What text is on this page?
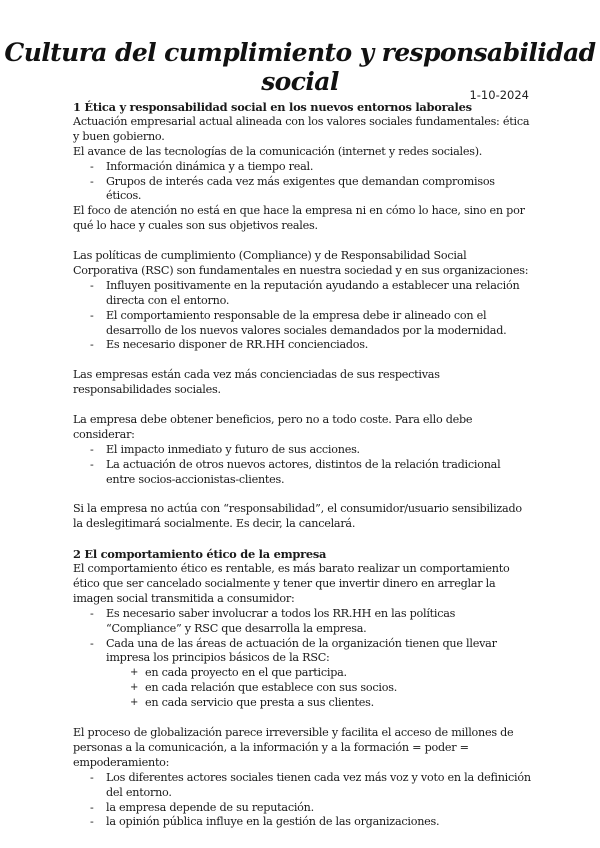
Cultura del cumplimiento y responsabilidad social	1-10-2024

1 Ética y responsabilidad social en los nuevos entornos laborales

Actuación empresarial actual alineada con los valores sociales fundamentales: ética y buen gobierno.

El avance de las tecnologías de la comunicación (internet y redes sociales).

- Información dinámica y a tiempo real.
- Grupos de interés cada vez más exigentes que demandan compromisos éticos.

El foco de atención no está en que hace la empresa ni en cómo lo hace, sino en por qué lo hace y cuales son sus objetivos reales.

Las políticas de cumplimiento (Compliance) y de Responsabilidad Social Corporativa (RSC) son fundamentales en nuestra sociedad y en sus organizaciones:

- Influyen positivamente en la reputación ayudando a establecer una relación directa con el entorno.
- El comportamiento responsable de la empresa debe ir alineado con el desarrollo de los nuevos valores sociales demandados por la modernidad.
- Es necesario disponer de RR.HH concienciados.

Las empresas están cada vez más concienciadas de sus respectivas responsabilidades sociales.

La empresa debe obtener beneficios, pero no a todo coste. Para ello debe considerar:

- El impacto inmediato y futuro de sus acciones.
- La actuación de otros nuevos actores, distintos de la relación tradicional entre socios-accionistas-clientes.

Si la empresa no actúa con “responsabilidad”, el consumidor/usuario sensibilizado la deslegitimará socialmente. Es decir, la cancelará.

2 El comportamiento ético de la empresa

El comportamiento ético es rentable, es más barato realizar un comportamiento ético que ser cancelado socialmente y tener que invertir dinero en arreglar la imagen social transmitida a consumidor:

- Es necesario saber involucrar a todos los RR.HH en las políticas “Compliance” y RSC que desarrolla la empresa.
- Cada una de las áreas de actuación de la organización tienen que llevar impresa los principios básicos de la RSC:
+ en cada proyecto en el que participa.
+ en cada relación que establece con sus socios.
+ en cada servicio que presta a sus clientes.

El proceso de globalización parece irreversible y facilita el acceso de millones de personas a la comunicación, a la información y a la formación = poder = empoderamiento:

- Los diferentes actores sociales tienen cada vez más voz y voto en la definición del entorno.
- la empresa depende de su reputación.
- la opinión pública influye en la gestión de las organizaciones.
